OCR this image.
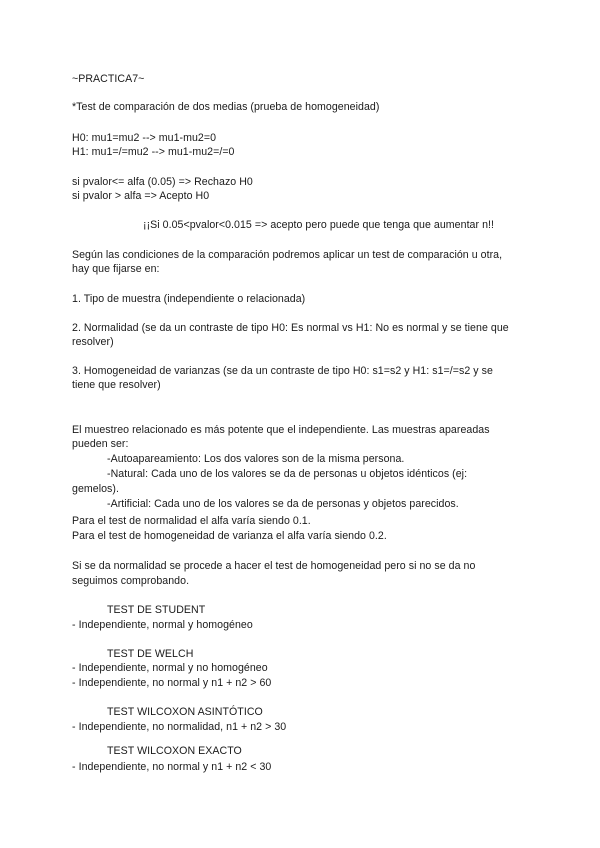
~PRACTICA7~
*Test de comparación de dos medias (prueba de homogeneidad)
H0: mu1=mu2 --> mu1-mu2=0
H1: mu1=/=mu2 --> mu1-mu2=/=0
si pvalor<= alfa (0.05) => Rechazo H0
si pvalor > alfa => Acepto H0
¡¡Si 0.05<pvalor<0.015 => acepto pero puede que tenga que aumentar n!!
Según las condiciones de la comparación podremos aplicar un test de comparación u otra,
hay que fijarse en:
1. Tipo de muestra (independiente o relacionada)
2. Normalidad (se da un contraste de tipo H0: Es normal vs H1: No es normal y se tiene que
resolver)
3. Homogeneidad de varianzas (se da un contraste de tipo H0: s1=s2 y H1: s1=/=s2 y se
tiene que resolver)
El muestreo relacionado es más potente que el independiente. Las muestras apareadas
pueden ser:
-Autoapareamiento: Los dos valores son de la misma persona.
-Natural: Cada uno de los valores se da de personas u objetos idénticos (ej:
gemelos).
-Artificial: Cada uno de los valores se da de personas y objetos parecidos.
Para el test de normalidad el alfa varía siendo 0.1.
Para el test de homogeneidad de varianza el alfa varía siendo 0.2.
Si se da normalidad se procede a hacer el test de homogeneidad pero si no se da no
seguimos comprobando.
TEST DE STUDENT
- Independiente, normal y homogéneo
TEST DE WELCH
- Independiente, normal y no homogéneo
- Independiente, no normal y n1 + n2 > 60
TEST WILCOXON ASINTÓTICO
- Independiente, no normalidad, n1 + n2 > 30
TEST WILCOXON EXACTO
- Independiente, no normal y n1 + n2 < 30
